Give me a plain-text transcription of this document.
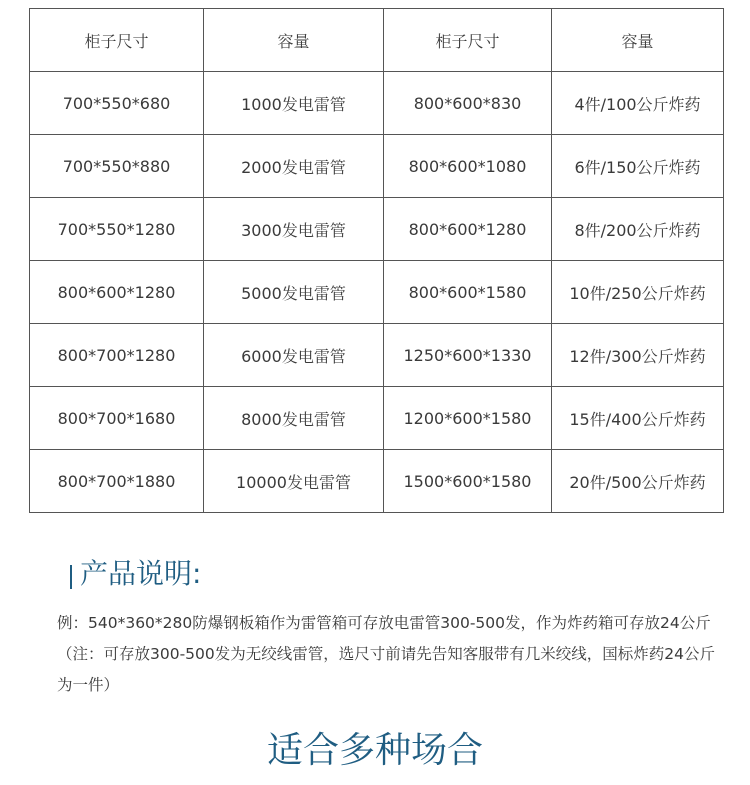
柜子尺寸	容量	柜子尺寸	容量
700*550*680	1000发电雷管	800*600*830	4件/100公斤炸药
700*550*880	2000发电雷管	800*600*1080	6件/150公斤炸药
700*550*1280	3000发电雷管	800*600*1280	8件/200公斤炸药
800*600*1280	5000发电雷管	800*600*1580	10件/250公斤炸药
800*700*1280	6000发电雷管	1250*600*1330	12件/300公斤炸药
800*700*1680	8000发电雷管	1200*600*1580	15件/400公斤炸药
800*700*1880	10000发电雷管	1500*600*1580	20件/500公斤炸药
产品说明:
例：540*360*280防爆钢板箱作为雷管箱可存放电雷管300-500发，作为炸药箱可存放24公斤（注：可存放300-500发为无绞线雷管，选尺寸前请先告知客服带有几米绞线，国标炸药24公斤为一件）
适合多种场合
